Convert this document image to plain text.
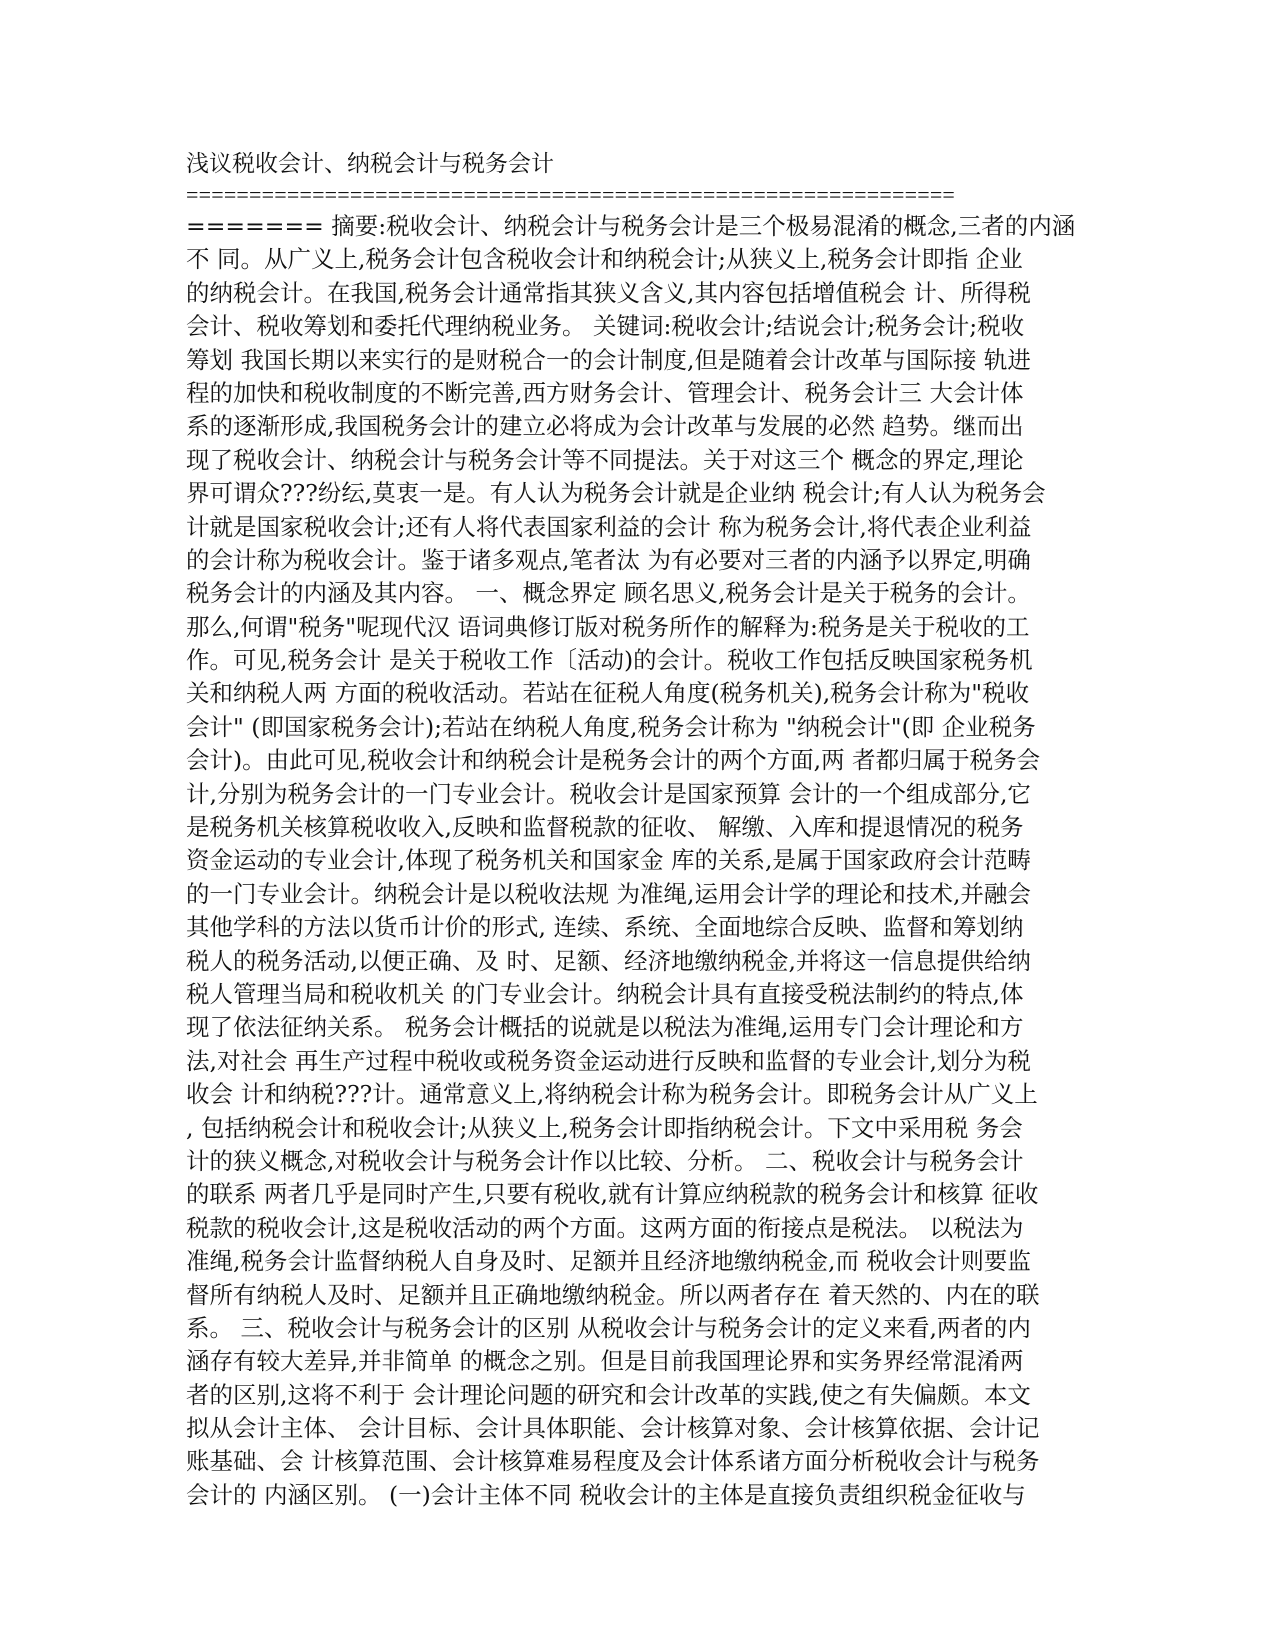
浅议税收会计、纳税会计与税务会计
=============================================================
======= 摘要:税收会计、纳税会计与税务会计是三个极易混淆的概念,三者的内涵
不 同。从广义上,税务会计包含税收会计和纳税会计;从狭义上,税务会计即指 企业
的纳税会计。在我国,税务会计通常指其狭义含义,其内容包括增值税会 计、所得税
会计、税收筹划和委托代理纳税业务。 关键词:税收会计;结说会计;税务会计;税收
筹划 我国长期以来实行的是财税合一的会计制度,但是随着会计改革与国际接 轨进
程的加快和税收制度的不断完善,西方财务会计、管理会计、税务会计三 大会计体
系的逐渐形成,我国税务会计的建立必将成为会计改革与发展的必然 趋势。继而出
现了税收会计、纳税会计与税务会计等不同提法。关于对这三个 概念的界定,理论
界可谓众???纷纭,莫衷一是。有人认为税务会计就是企业纳 税会计;有人认为税务会
计就是国家税收会计;还有人将代表国家利益的会计 称为税务会计,将代表企业利益
的会计称为税收会计。鉴于诸多观点,笔者汰 为有必要对三者的内涵予以界定,明确
税务会计的内涵及其内容。 一、概念界定 顾名思义,税务会计是关于税务的会计。
那么,何谓"税务"呢现代汉 语词典修订版对税务所作的解释为:税务是关于税收的工
作。可见,税务会计 是关于税收工作〔活动)的会计。税收工作包括反映国家税务机
关和纳税人两 方面的税收活动。若站在征税人角度(税务机关),税务会计称为"税收
会计" (即国家税务会计);若站在纳税人角度,税务会计称为 "纳税会计"(即 企业税务
会计)。由此可见,税收会计和纳税会计是税务会计的两个方面,两 者都归属于税务会
计,分别为税务会计的一门专业会计。税收会计是国家预算 会计的一个组成部分,它
是税务机关核算税收收入,反映和监督税款的征收、 解缴、入库和提退情况的税务
资金运动的专业会计,体现了税务机关和国家金 库的关系,是属于国家政府会计范畴
的一门专业会计。纳税会计是以税收法规 为准绳,运用会计学的理论和技术,并融会
其他学科的方法以货币计价的形式, 连续、系统、全面地综合反映、监督和筹划纳
税人的税务活动,以便正确、及 时、足额、经济地缴纳税金,并将这一信息提供给纳
税人管理当局和税收机关 的门专业会计。纳税会计具有直接受税法制约的特点,体
现了依法征纳关系。 税务会计概括的说就是以税法为准绳,运用专门会计理论和方
法,对社会 再生产过程中税收或税务资金运动进行反映和监督的专业会计,划分为税
收会 计和纳税???计。通常意义上,将纳税会计称为税务会计。即税务会计从广义上
, 包括纳税会计和税收会计;从狭义上,税务会计即指纳税会计。下文中采用税 务会
计的狭义概念,对税收会计与税务会计作以比较、分析。 二、税收会计与税务会计
的联系 两者几乎是同时产生,只要有税收,就有计算应纳税款的税务会计和核算 征收
税款的税收会计,这是税收活动的两个方面。这两方面的衔接点是税法。 以税法为
准绳,税务会计监督纳税人自身及时、足额并且经济地缴纳税金,而 税收会计则要监
督所有纳税人及时、足额并且正确地缴纳税金。所以两者存在 着天然的、内在的联
系。 三、税收会计与税务会计的区别 从税收会计与税务会计的定义来看,两者的内
涵存有较大差异,并非简单 的概念之别。但是目前我国理论界和实务界经常混淆两
者的区别,这将不利于 会计理论问题的研究和会计改革的实践,使之有失偏颇。本文
拟从会计主体、 会计目标、会计具体职能、会计核算对象、会计核算依据、会计记
账基础、会 计核算范围、会计核算难易程度及会计体系诸方面分析税收会计与税务
会计的 内涵区别。 (一)会计主体不同 税收会计的主体是直接负责组织税金征收与
